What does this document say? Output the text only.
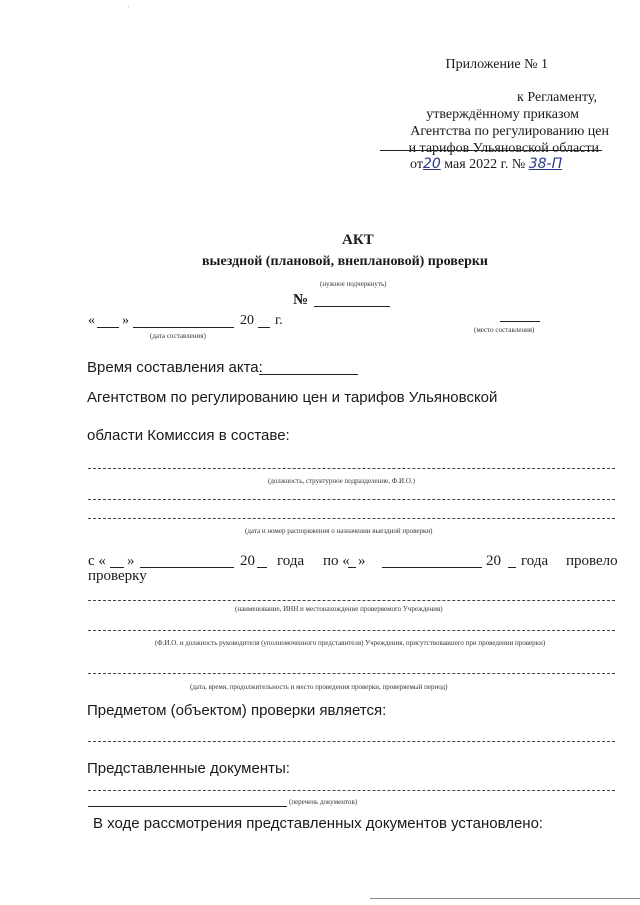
'
Приложение № 1
к Регламенту,
утверждённому приказом
Агентства по регулированию цен
и тарифов Ульяновской области
от20 мая 2022 г. № 38-П
АКТ
выездной (плановой, внеплановой) проверки
(нужное подчеркнуть)
№
« »	20 г.
(дата составления)
(место составления)
Время составления акта:
Агентством по регулированию цен и тарифов Ульяновской
области Комиссия в составе:
(должность, структурное подразделение, Ф.И.О.)
(дата и номер распоряжения о назначении выездной проверки)
с « »	20 года по « »	20 года провело
проверку
(наименование, ИНН и местонахождение проверяемого Учреждения)
(Ф.И.О. и должность руководителя (уполномоченного представителя) Учреждения, присутствовавшего при проведении проверки)
(дата, время, продолжительность и место проведения проверки, проверяемый период)
Предметом (объектом) проверки является:
Представленные документы:
(перечень документов)
В ходе рассмотрения представленных документов установлено:
